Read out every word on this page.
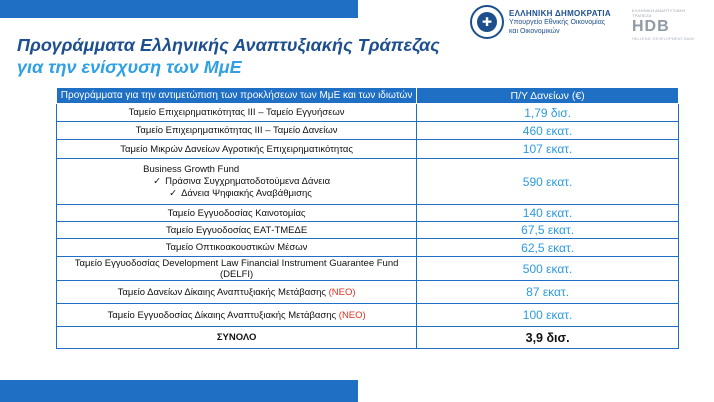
Προγράμματα Ελληνικής Αναπτυξιακής Τράπεζας
για την ενίσχυση των ΜμΕ
✚
ΕΛΛΗΝΙΚΗ ΔΗΜΟΚΡΑΤΙΑ
Υπουργείο Εθνικής Οικονομίας
και Οικονομικών
ΕΛΛΗΝΙΚΗ ΑΝΑΠΤΥΞΙΑΚΗ ΤΡΑΠΕΖΑ
HDB
HELLENIC DEVELOPMENT BANK
Προγράμματα για την αντιμετώπιση των προκλήσεων των ΜμΕ και των ιδιωτών	Π/Υ Δανείων (€)
Ταμείο Επιχειρηματικότητας ΙΙΙ – Ταμείο Εγγυήσεων	1,79 δισ.
Ταμείο Επιχειρηματικότητας ΙΙΙ – Ταμείο Δανείων	460 εκατ.
Ταμείο Μικρών Δανείων Αγροτικής Επιχειρηματικότητας	107 εκατ.
Business Growth Fund
✓ Πράσινα Συγχρηματοδοτούμενα Δάνεια
✓ Δάνεια Ψηφιακής Αναβάθμισης	590 εκατ.
Ταμείο Εγγυοδοσίας Καινοτομίας	140 εκατ.
Ταμείο Εγγυοδοσίας ΕΑΤ-ΤΜΕΔΕ	67,5 εκατ.
Ταμείο Οπτικοακουστικών Μέσων	62,5 εκατ.
Ταμείο Εγγυοδοσίας Development Law Financial Instrument Guarantee Fund (DELFI)	500 εκατ.
Ταμείο Δανείων Δίκαιης Αναπτυξιακής Μετάβασης (ΝΕΟ)	87 εκατ.
Ταμείο Εγγυοδοσίας Δίκαιης Αναπτυξιακής Μετάβασης (ΝΕΟ)	100 εκατ.
ΣΥΝΟΛΟ	3,9 δισ.
